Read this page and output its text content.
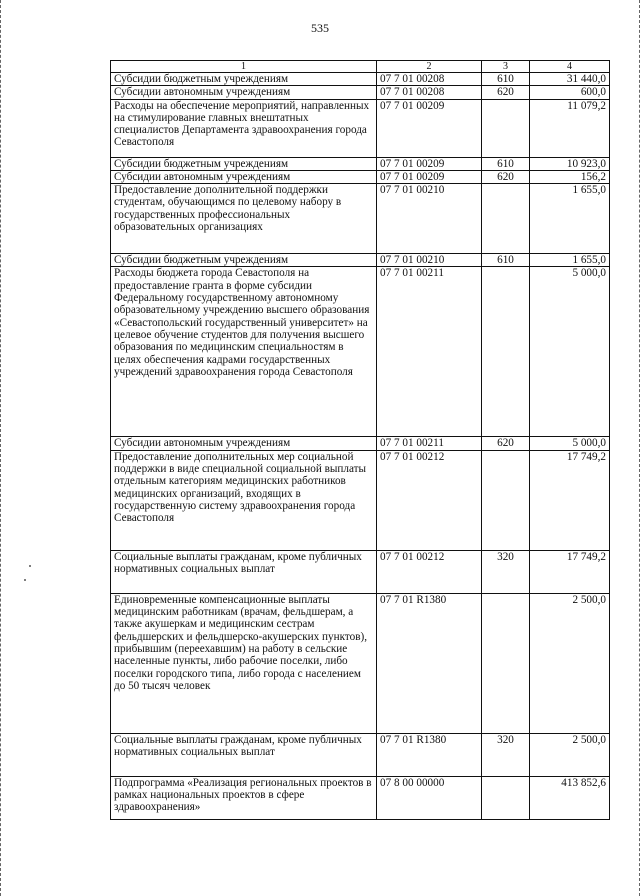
535
1	2	3	4
Субсидии бюджетным учреждениям	07 7 01 00208	610	31 440,0
Субсидии автономным учреждениям	07 7 01 00208	620	600,0
Расходы на обеспечение мероприятий, направленных на стимулирование главных внештатных специалистов Департамента здравоохранения города Севастополя	07 7 01 00209		11 079,2
Субсидии бюджетным учреждениям	07 7 01 00209	610	10 923,0
Субсидии автономным учреждениям	07 7 01 00209	620	156,2
Предоставление дополнительной поддержки студентам, обучающимся по целевому набору в государственных профессиональных образовательных организациях	07 7 01 00210		1 655,0
Субсидии бюджетным учреждениям	07 7 01 00210	610	1 655,0
Расходы бюджета города Севастополя на предоставление гранта в форме субсидии Федеральному государственному автономному образовательному учреждению высшего образования «Севастопольский государственный университет» на целевое обучение студентов для получения высшего образования по медицинским специальностям в целях обеспечения кадрами государственных учреждений здравоохранения города Севастополя	07 7 01 00211		5 000,0
Субсидии автономным учреждениям	07 7 01 00211	620	5 000,0
Предоставление дополнительных мер социальной поддержки в виде специальной социальной выплаты отдельным категориям медицинских работников медицинских организаций, входящих в государственную систему здравоохранения города Севастополя	07 7 01 00212		17 749,2
Социальные выплаты гражданам, кроме публичных нормативных социальных выплат	07 7 01 00212	320	17 749,2
Единовременные компенсационные выплаты медицинским работникам (врачам, фельдшерам, а также акушеркам и медицинским сестрам фельдшерских и фельдшерско-акушерских пунктов), прибывшим (переехавшим) на работу в сельские населенные пункты, либо рабочие поселки, либо поселки городского типа, либо города с населением до 50 тысяч человек	07 7 01 R1380		2 500,0
Социальные выплаты гражданам, кроме публичных нормативных социальных выплат	07 7 01 R1380	320	2 500,0
Подпрограмма «Реализация региональных проектов в рамках национальных проектов в сфере здравоохранения»	07 8 00 00000		413 852,6
